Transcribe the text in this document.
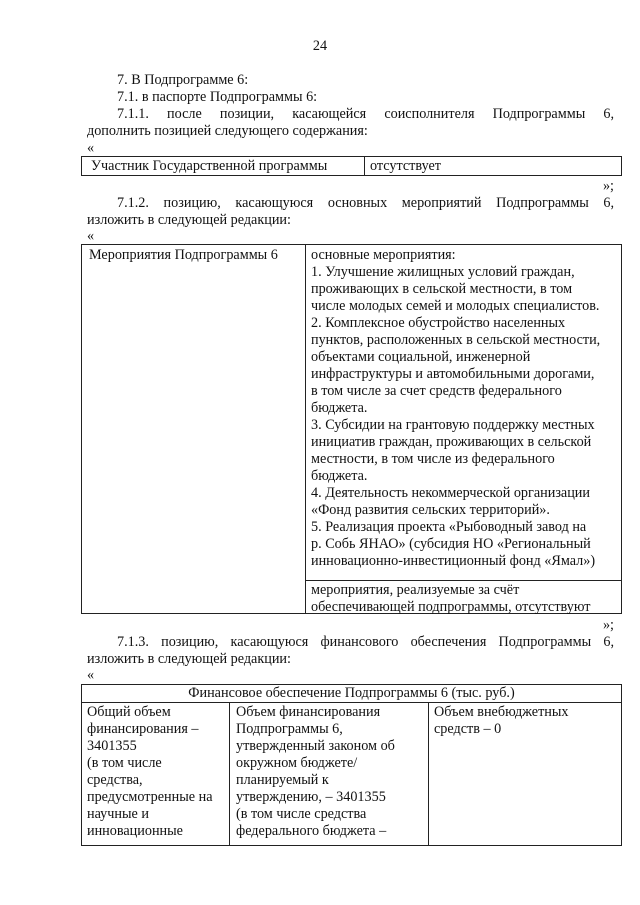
24
7. В Подпрограмме 6:
7.1. в паспорте Подпрограммы 6:
7.1.1. после позиции, касающейся соисполнителя Подпрограммы 6,
дополнить позицией следующего содержания:
«
Участник Государственной программы	отсутствует
»;
7.1.2. позицию, касающуюся основных мероприятий Подпрограммы 6,
изложить в следующей редакции:
«
Мероприятия Подпрограммы 6 основные мероприятия:
1. Улучшение жилищных условий граждан,
проживающих в сельской местности, в том
числе молодых семей и молодых специалистов.
2. Комплексное обустройство населенных
пунктов, расположенных в сельской местности,
объектами социальной, инженерной
инфраструктуры и автомобильными дорогами,
в том числе за счет средств федерального
бюджета.
3. Субсидии на грантовую поддержку местных
инициатив граждан, проживающих в сельской
местности, в том числе из федерального
бюджета.
4. Деятельность некоммерческой организации
«Фонд развития сельских территорий».
5. Реализация проекта «Рыбоводный завод на
р. Собь ЯНАО» (субсидия НО «Региональный
инновационно-инвестиционный фонд «Ямал»)
мероприятия, реализуемые за счёт
обеспечивающей подпрограммы, отсутствуют
»;
7.1.3. позицию, касающуюся финансового обеспечения Подпрограммы 6,
изложить в следующей редакции:
«
Финансовое обеспечение Подпрограммы 6 (тыс. руб.)
Общий объем
финансирования –
3401355
(в том числе
средства,
предусмотренные на
научные и
инновационные
Объем финансирования
Подпрограммы 6,
утвержденный законом об
окружном бюджете/
планируемый к
утверждению, – 3401355
(в том числе средства
федерального бюджета –
Объем внебюджетных
средств – 0
